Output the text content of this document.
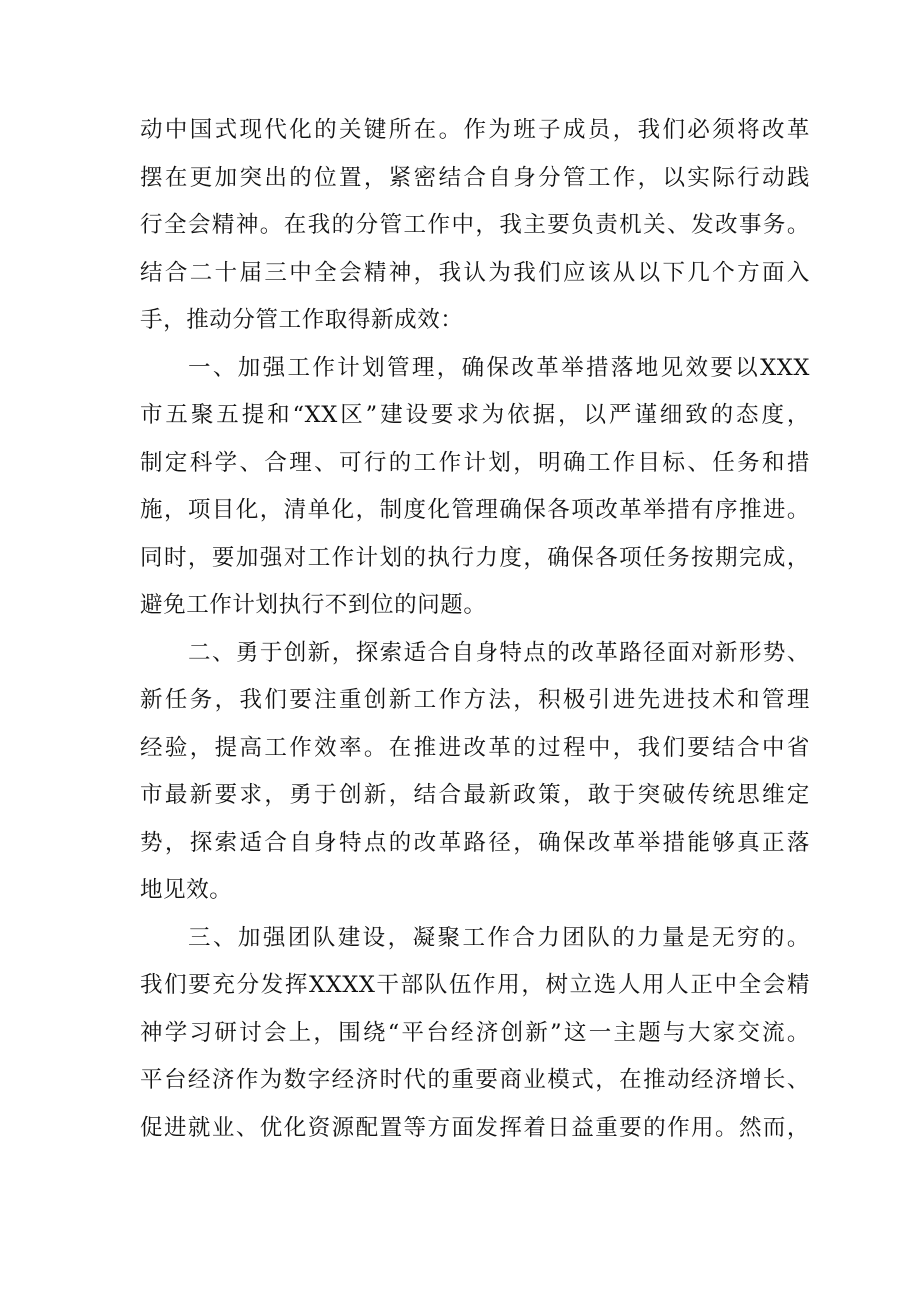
动中国式现代化的关键所在。作为班子成员，我们必须将改革
摆在更加突出的位置，紧密结合自身分管工作，以实际行动践
行全会精神。在我的分管工作中，我主要负责机关、发改事务。
结合二十届三中全会精神，我认为我们应该从以下几个方面入
手，推动分管工作取得新成效：
一、加强工作计划管理，确保改革举措落地见效要以XXX
市五聚五提和“XX区”建设要求为依据，以严谨细致的态度，
制定科学、合理、可行的工作计划，明确工作目标、任务和措
施，项目化，清单化，制度化管理确保各项改革举措有序推进。
同时，要加强对工作计划的执行力度，确保各项任务按期完成，
避免工作计划执行不到位的问题。
二、勇于创新，探索适合自身特点的改革路径面对新形势、
新任务，我们要注重创新工作方法，积极引进先进技术和管理
经验，提高工作效率。在推进改革的过程中，我们要结合中省
市最新要求，勇于创新，结合最新政策，敢于突破传统思维定
势，探索适合自身特点的改革路径，确保改革举措能够真正落
地见效。
三、加强团队建设，凝聚工作合力团队的力量是无穷的。
我们要充分发挥XXXX干部队伍作用，树立选人用人正中全会精
神学习研讨会上，围绕“平台经济创新”这一主题与大家交流。
平台经济作为数字经济时代的重要商业模式，在推动经济增长、
促进就业、优化资源配置等方面发挥着日益重要的作用。然而，
